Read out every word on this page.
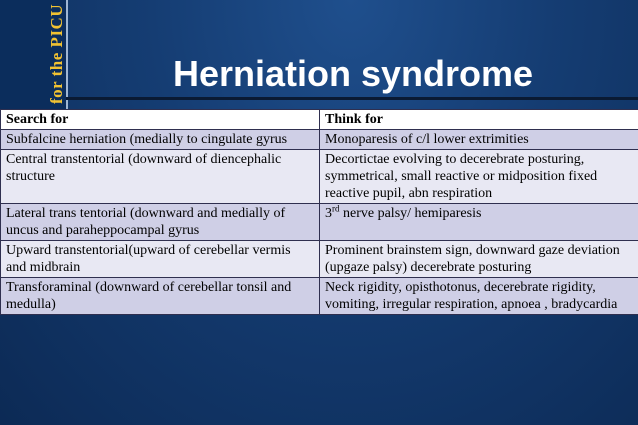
for the PICU	Herniation syndrome
Search for	Think for
Subfalcine herniation (medially to cingulate gyrus	Monoparesis of c/l lower extrimities
Central transtentorial (downward of diencephalic structure	Decortictae evolving to decerebrate posturing, symmetrical, small reactive or midposition fixed reactive pupil, abn respiration
Lateral trans tentorial (downward and medially of uncus and paraheppocampal gyrus	3rd nerve palsy/ hemiparesis
Upward transtentorial(upward of cerebellar vermis and midbrain	Prominent brainstem sign, downward gaze deviation (upgaze palsy) decerebrate posturing
Transforaminal (downward of cerebellar tonsil and medulla)	Neck rigidity, opisthotonus, decerebrate rigidity, vomiting, irregular respiration, apnoea , bradycardia
